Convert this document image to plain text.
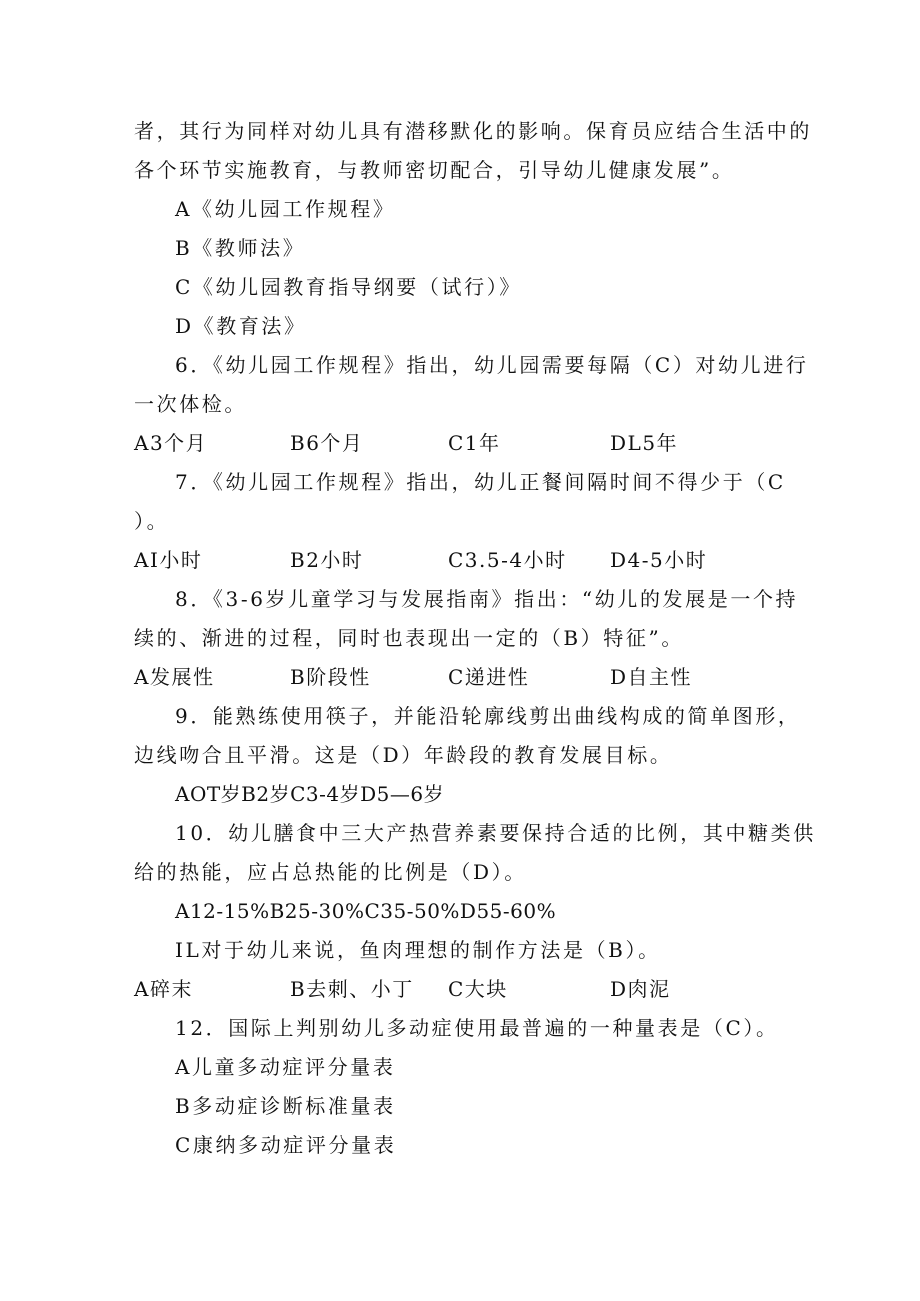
者，其行为同样对幼儿具有潜移默化的影响。保育员应结合生活中的
各个环节实施教育，与教师密切配合，引导幼儿健康发展”。
A《幼儿园工作规程》
B《教师法》
C《幼儿园教育指导纲要（试行）》
D《教育法》
6．《幼儿园工作规程》指出，幼儿园需要每隔（C）对幼儿进行
一次体检。
A3个月	B6个月	C1年	DL5年
7．《幼儿园工作规程》指出，幼儿正餐间隔时间不得少于（C
）。
AI小时	B2小时	C3.5-4小时 D4-5小时
8．《3-6岁儿童学习与发展指南》指出：“幼儿的发展是一个持
续的、渐进的过程，同时也表现出一定的（B）特征”。
A发展性	B阶段性	C递进性	D自主性
9．能熟练使用筷子，并能沿轮廓线剪出曲线构成的简单图形，
边线吻合且平滑。这是（D）年龄段的教育发展目标。
AOT岁B2岁C3-4岁D5—6岁
10．幼儿膳食中三大产热营养素要保持合适的比例，其中糖类供
给的热能，应占总热能的比例是（D）。
A12-15%B25-30%C35-50%D55-60%
IL对于幼儿来说，鱼肉理想的制作方法是（B）。
A碎末	B去刺、小丁 C大块	D肉泥
12．国际上判别幼儿多动症使用最普遍的一种量表是（C）。
A儿童多动症评分量表
B多动症诊断标准量表
C康纳多动症评分量表
